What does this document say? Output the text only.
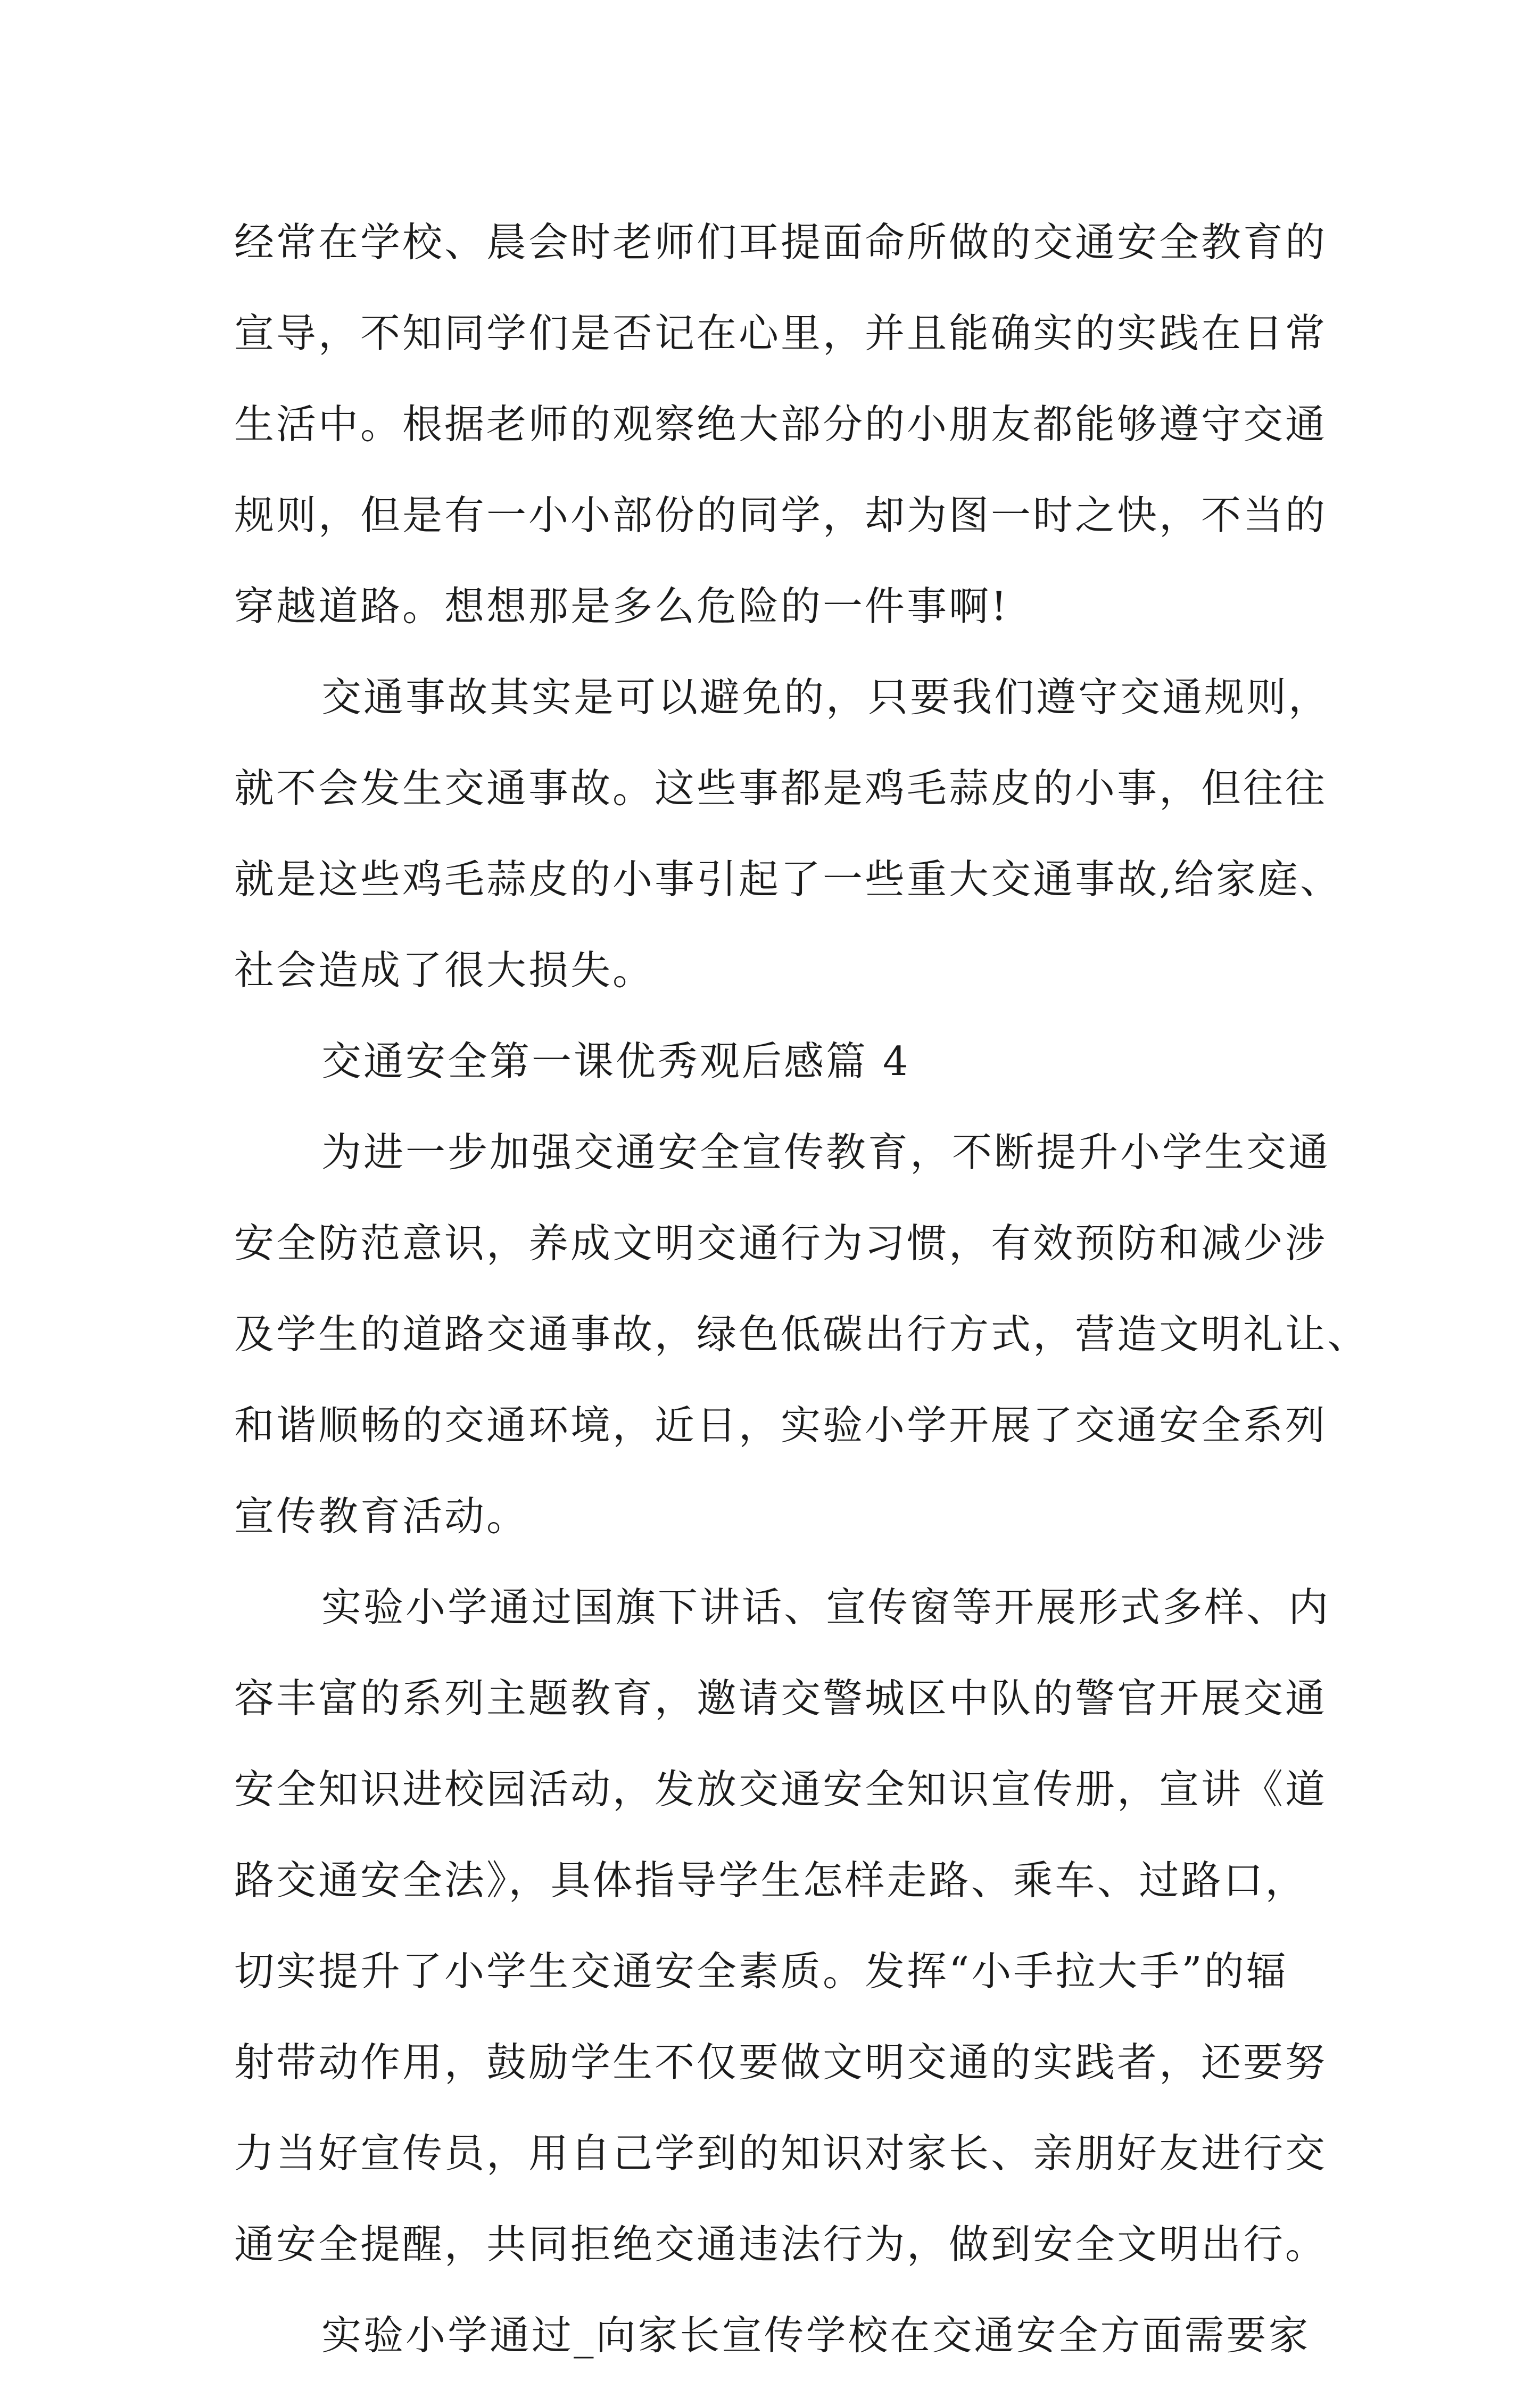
经常在学校、晨会时老师们耳提面命所做的交通安全教育的
宣导，不知同学们是否记在心里，并且能确实的实践在日常
生活中。根据老师的观察绝大部分的小朋友都能够遵守交通
规则，但是有一小小部份的同学，却为图一时之快，不当的
穿越道路。想想那是多么危险的一件事啊!
交通事故其实是可以避免的，只要我们遵守交通规则，
就不会发生交通事故。这些事都是鸡毛蒜皮的小事，但往往
就是这些鸡毛蒜皮的小事引起了一些重大交通事故,给家庭、
社会造成了很大损失。
交通安全第一课优秀观后感篇 4
为进一步加强交通安全宣传教育，不断提升小学生交通
安全防范意识，养成文明交通行为习惯，有效预防和减少涉
及学生的道路交通事故，绿色低碳出行方式，营造文明礼让、
和谐顺畅的交通环境，近日，实验小学开展了交通安全系列
宣传教育活动。
实验小学通过国旗下讲话、宣传窗等开展形式多样、内
容丰富的系列主题教育，邀请交警城区中队的警官开展交通
安全知识进校园活动，发放交通安全知识宣传册，宣讲《道
路交通安全法》，具体指导学生怎样走路、乘车、过路口，
切实提升了小学生交通安全素质。发挥“小手拉大手”的辐
射带动作用，鼓励学生不仅要做文明交通的实践者，还要努
力当好宣传员，用自己学到的知识对家长、亲朋好友进行交
通安全提醒，共同拒绝交通违法行为，做到安全文明出行。
实验小学通过_向家长宣传学校在交通安全方面需要家
